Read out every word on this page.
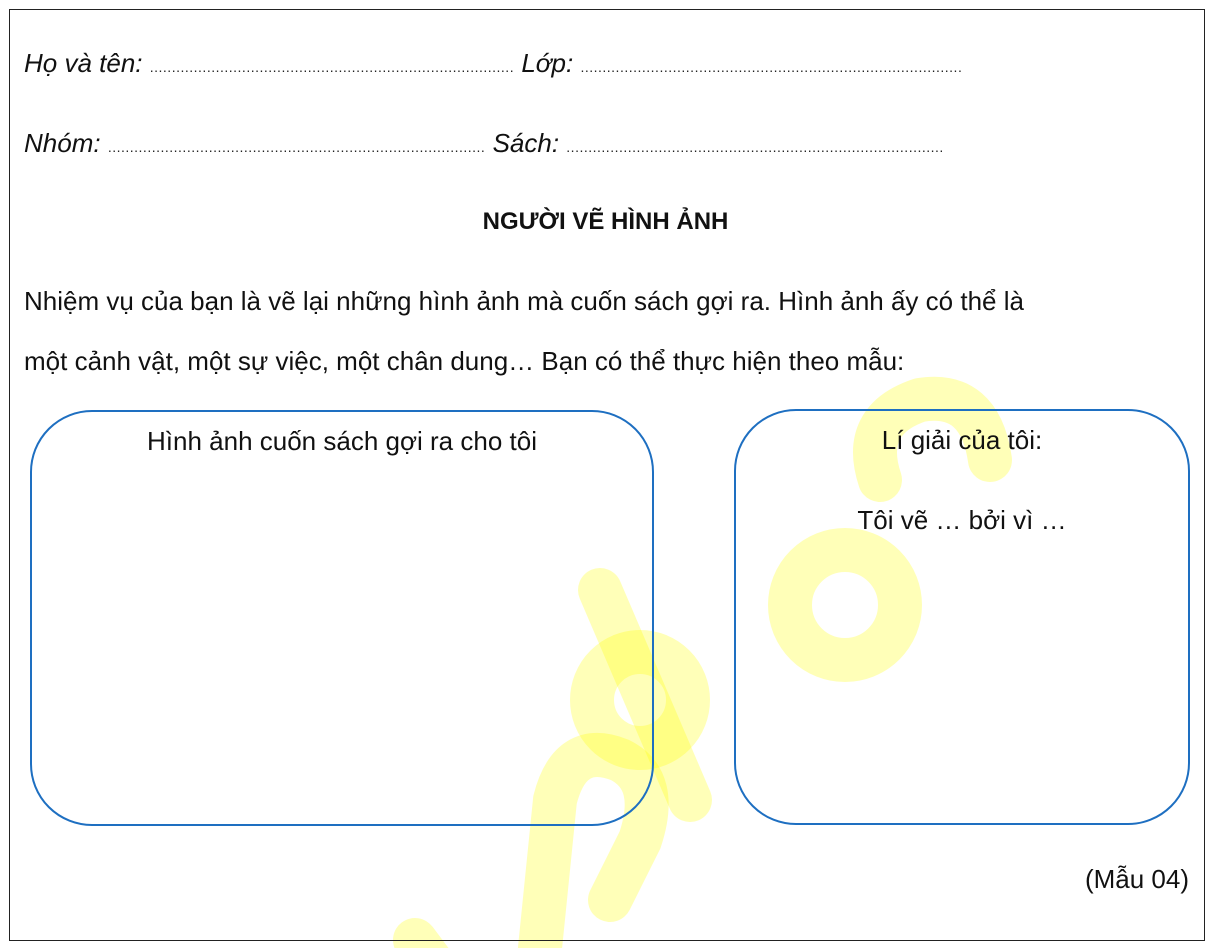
Họ và tên: ................................................................................... Lớp: .......................................................................................
Nhóm: ...................................................................................... Sách: ......................................................................................
NGƯỜI VẼ HÌNH ẢNH
Nhiệm vụ của bạn là vẽ lại những hình ảnh mà cuốn sách gợi ra. Hình ảnh ấy có thể là
một cảnh vật, một sự việc, một chân dung… Bạn có thể thực hiện theo mẫu:
Hình ảnh cuốn sách gợi ra cho tôi	Lí giải của tôi:
Tôi vẽ … bởi vì …
(Mẫu 04)
